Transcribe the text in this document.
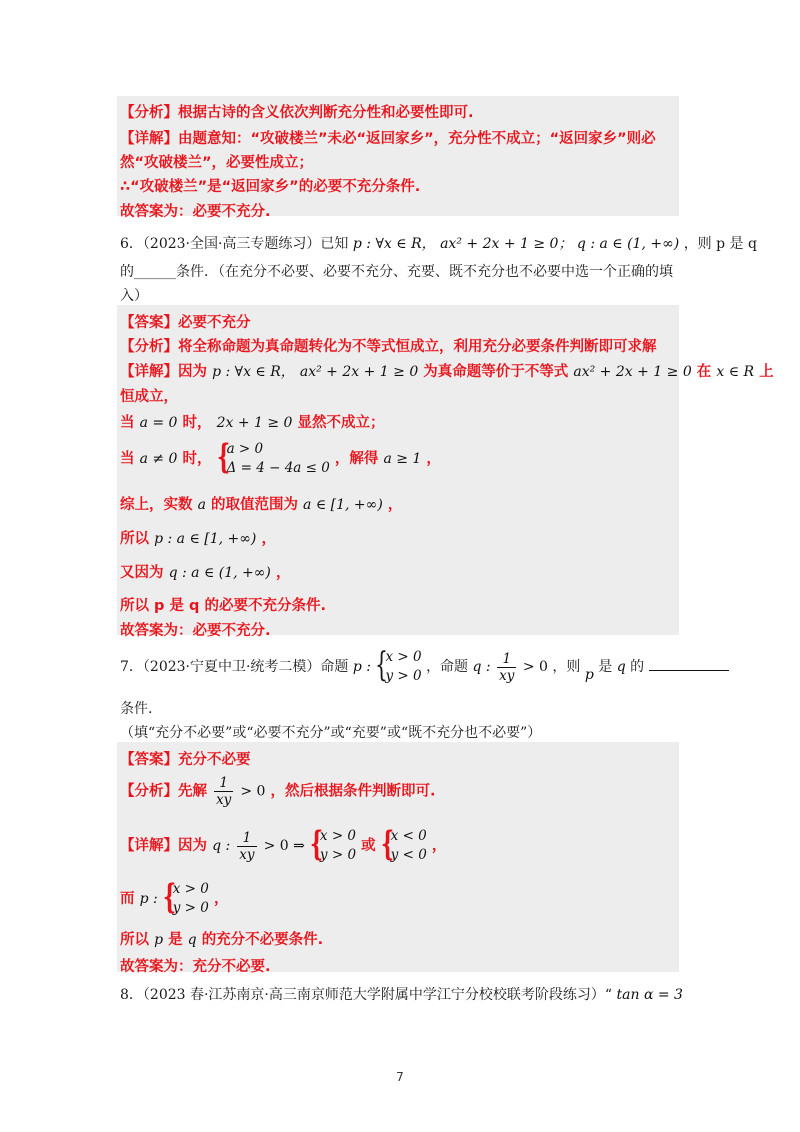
【分析】根据古诗的含义依次判断充分性和必要性即可.
【详解】由题意知：“攻破楼兰”未必“返回家乡”，充分性不成立；“返回家乡”则必
然“攻破楼兰”，必要性成立；
∴“攻破楼兰”是“返回家乡”的必要不充分条件.
故答案为：必要不充分.
6．（2023·全国·高三专题练习）已知 p : ∀x ∈ R， ax² + 2x + 1 ≥ 0； q : a ∈ (1, +∞) ，则 p 是 q
的______条件．（在充分不必要、必要不充分、充要、既不充分也不必要中选一个正确的填
入）
【答案】必要不充分
【分析】将全称命题为真命题转化为不等式恒成立，利用充分必要条件判断即可求解
【详解】因为 p : ∀x ∈ R， ax² + 2x + 1 ≥ 0 为真命题等价于不等式 ax² + 2x + 1 ≥ 0 在 x ∈ R 上
恒成立，
当 a = 0 时， 2x + 1 ≥ 0 显然不成立；
当 a ≠ 0 时， {
a > 0
Δ = 4 − 4a ≤ 0
，解得 a ≥ 1 ，
综上，实数 a 的取值范围为 a ∈ [1, +∞) ，
所以 p : a ∈ [1, +∞) ，
又因为 q : a ∈ (1, +∞) ，
所以 p 是 q 的必要不充分条件.
故答案为：必要不充分.
7．（2023·宁夏中卫·统考二模）命题 p : {
x > 0
y > 0
，命题 q : $\frac{1}{xy} > 0$ ，则 p 是 q 的
条件.
（填“充分不必要”或“必要不充分”或“充要”或“既不充分也不必要”）
【答案】充分不必要
【分析】先解 $\frac{1}{xy} > 0$ ，然后根据条件判断即可.
【详解】因为 q : $\frac{1}{xy} > 0$ ⇒ {
x > 0
y > 0
或 {
x < 0
y < 0
，
而 p : {
x > 0
y > 0
，
所以 p 是 q 的充分不必要条件.
故答案为：充分不必要.
8．（2023 春·江苏南京·高三南京师范大学附属中学江宁分校校联考阶段练习）“ tan α = 3
7
